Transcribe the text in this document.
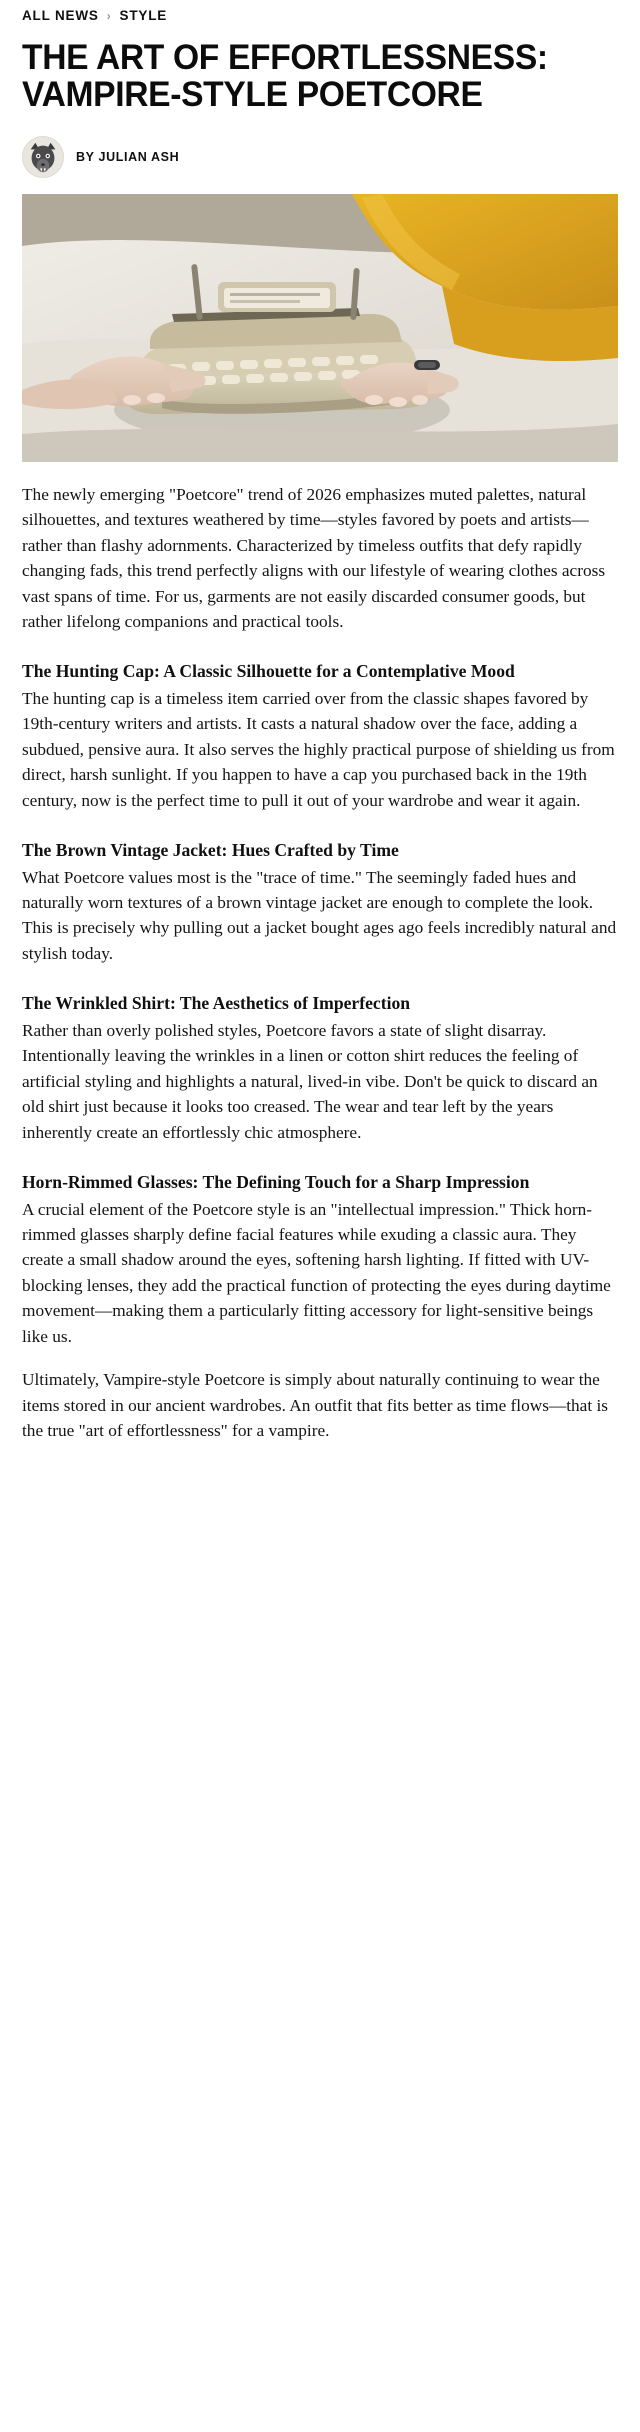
ALL NEWS › STYLE
THE ART OF EFFORTLESSNESS: VAMPIRE-STYLE POETCORE
BY JULIAN ASH

The newly emerging "Poetcore" trend of 2026 emphasizes muted palettes, natural silhouettes, and textures weathered by time—styles favored by poets and artists—rather than flashy adornments. Characterized by timeless outfits that defy rapidly changing fads, this trend perfectly aligns with our lifestyle of wearing clothes across vast spans of time. For us, garments are not easily discarded consumer goods, but rather lifelong companions and practical tools.

The Hunting Cap: A Classic Silhouette for a Contemplative Mood

The hunting cap is a timeless item carried over from the classic shapes favored by 19th-century writers and artists. It casts a natural shadow over the face, adding a subdued, pensive aura. It also serves the highly practical purpose of shielding us from direct, harsh sunlight. If you happen to have a cap you purchased back in the 19th century, now is the perfect time to pull it out of your wardrobe and wear it again.

The Brown Vintage Jacket: Hues Crafted by Time

What Poetcore values most is the "trace of time." The seemingly faded hues and naturally worn textures of a brown vintage jacket are enough to complete the look. This is precisely why pulling out a jacket bought ages ago feels incredibly natural and stylish today.

The Wrinkled Shirt: The Aesthetics of Imperfection

Rather than overly polished styles, Poetcore favors a state of slight disarray. Intentionally leaving the wrinkles in a linen or cotton shirt reduces the feeling of artificial styling and highlights a natural, lived-in vibe. Don't be quick to discard an old shirt just because it looks too creased. The wear and tear left by the years inherently create an effortlessly chic atmosphere.

Horn-Rimmed Glasses: The Defining Touch for a Sharp Impression

A crucial element of the Poetcore style is an "intellectual impression." Thick horn-rimmed glasses sharply define facial features while exuding a classic aura. They create a small shadow around the eyes, softening harsh lighting. If fitted with UV-blocking lenses, they add the practical function of protecting the eyes during daytime movement—making them a particularly fitting accessory for light-sensitive beings like us.

Ultimately, Vampire-style Poetcore is simply about naturally continuing to wear the items stored in our ancient wardrobes. An outfit that fits better as time flows—that is the true "art of effortlessness" for a vampire.
